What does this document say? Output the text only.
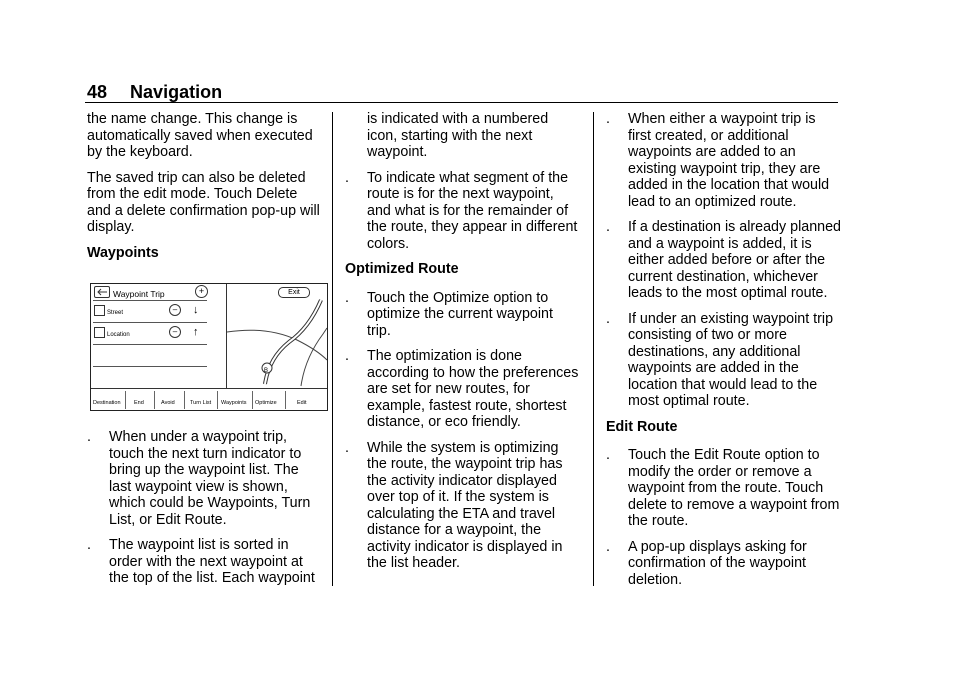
48 Navigation

the name change. This change is automatically saved when executed by the keyboard.

The saved trip can also be deleted from the edit mode. Touch Delete and a delete confirmation pop-up will display.

Waypoints

Waypoint Trip	+	Exit
Street	–	↓
Location	–	↑
B
Destination End	Avoid	Turn List Waypoints Optimize	Edit
. When under a waypoint trip, touch the next turn indicator to bring up the waypoint list. The last waypoint view is shown, which could be Waypoints, Turn List, or Edit Route.
. The waypoint list is sorted in order with the next waypoint at the top of the list. Each waypoint

is indicated with a numbered icon, starting with the next waypoint.

. To indicate what segment of the route is for the next waypoint, and what is for the remainder of the route, they appear in different colors.

Optimized Route

. Touch the Optimize option to optimize the current waypoint trip.
. The optimization is done according to how the preferences are set for new routes, for example, fastest route, shortest distance, or eco friendly.
. While the system is optimizing the route, the waypoint trip has the activity indicator displayed over top of it. If the system is calculating the ETA and travel distance for a waypoint, the activity indicator is displayed in the list header.
. When either a waypoint trip is first created, or additional waypoints are added to an existing waypoint trip, they are added in the location that would lead to an optimized route.
. If a destination is already planned and a waypoint is added, it is either added before or after the current destination, whichever leads to the most optimal route.
. If under an existing waypoint trip consisting of two or more destinations, any additional waypoints are added in the location that would lead to the most optimal route.

Edit Route

. Touch the Edit Route option to modify the order or remove a waypoint from the route. Touch delete to remove a waypoint from the route.
. A pop-up displays asking for confirmation of the waypoint deletion.
